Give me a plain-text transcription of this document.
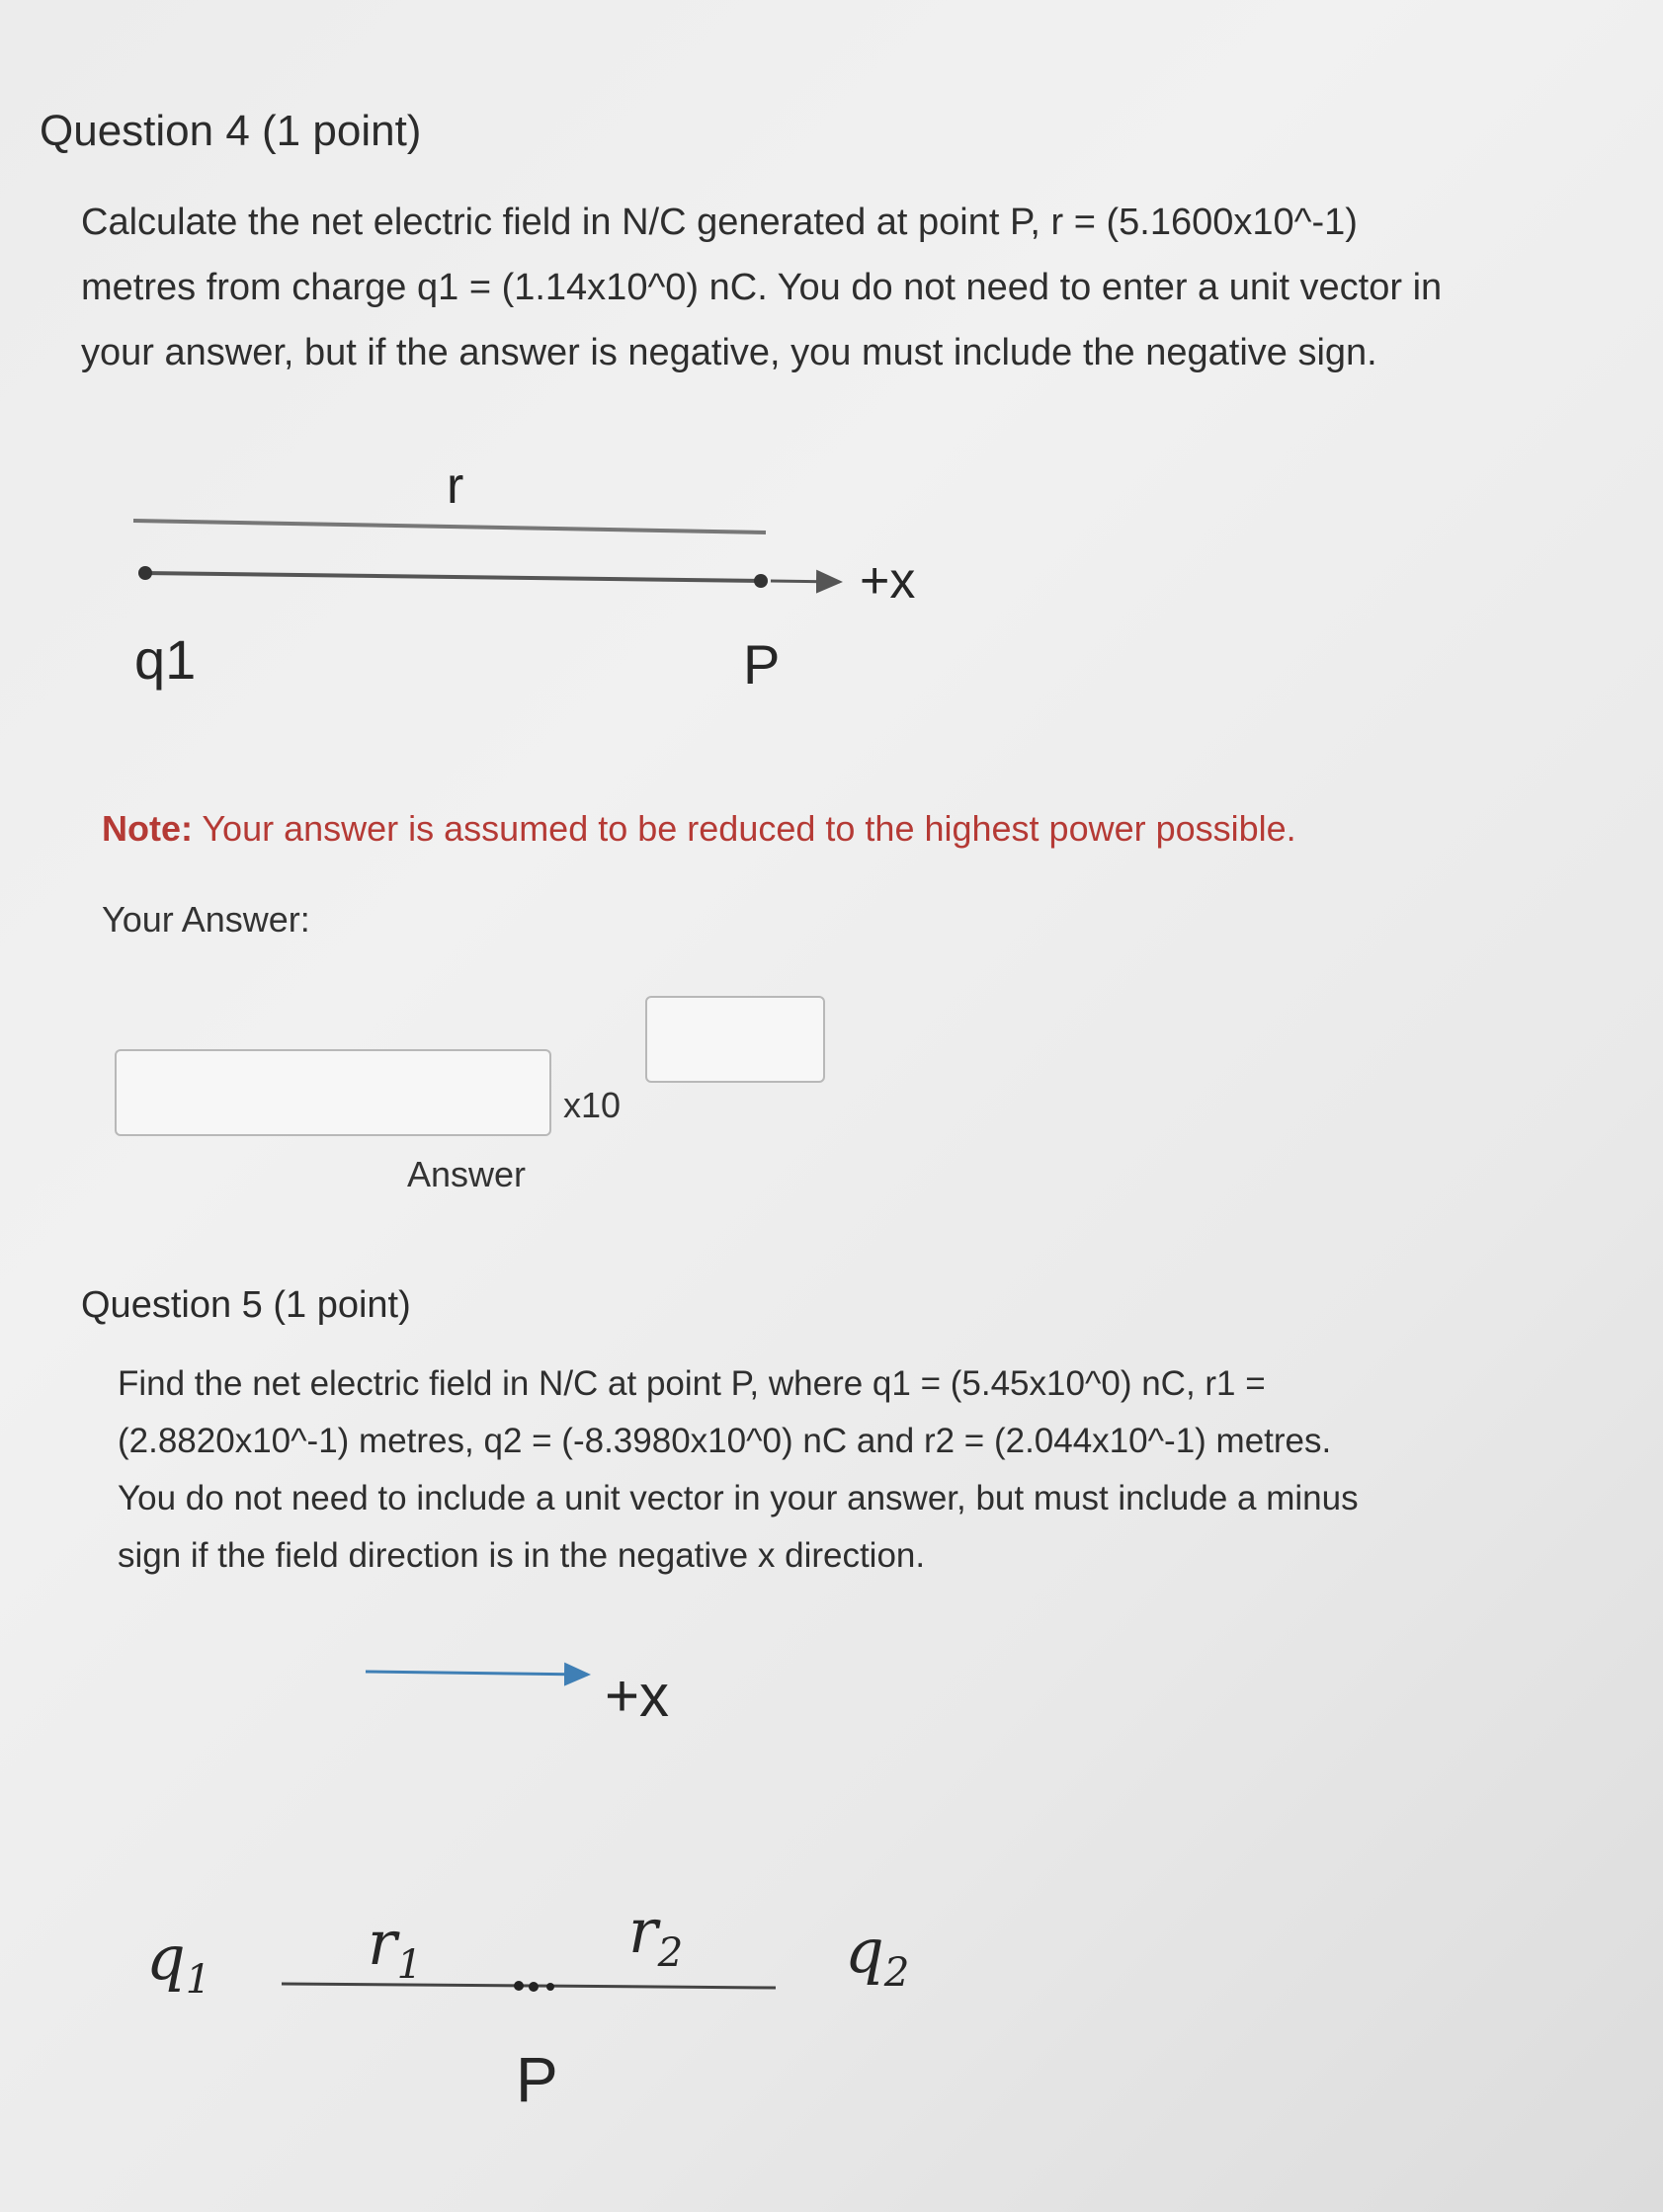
Question 4 (1 point)
Calculate the net electric field in N/C generated at point P, r = (5.1600x10^-1)
metres from charge q1 = (1.14x10^0) nC. You do not need to enter a unit vector in
your answer, but if the answer is negative, you must include the negative sign.
r
+x
q1	P
Note: Your answer is assumed to be reduced to the highest power possible.
Your Answer:
x10
Answer
Question 5 (1 point)
Find the net electric field in N/C at point P, where q1 = (5.45x10^0) nC, r1 =
(2.8820x10^-1) metres, q2 = (-8.3980x10^0) nC and r2 = (2.044x10^-1) metres.
You do not need to include a unit vector in your answer, but must include a minus
sign if the field direction is in the negative x direction.
+x
$q_1$
$r_1$	$r_2$	$q_2$
P
